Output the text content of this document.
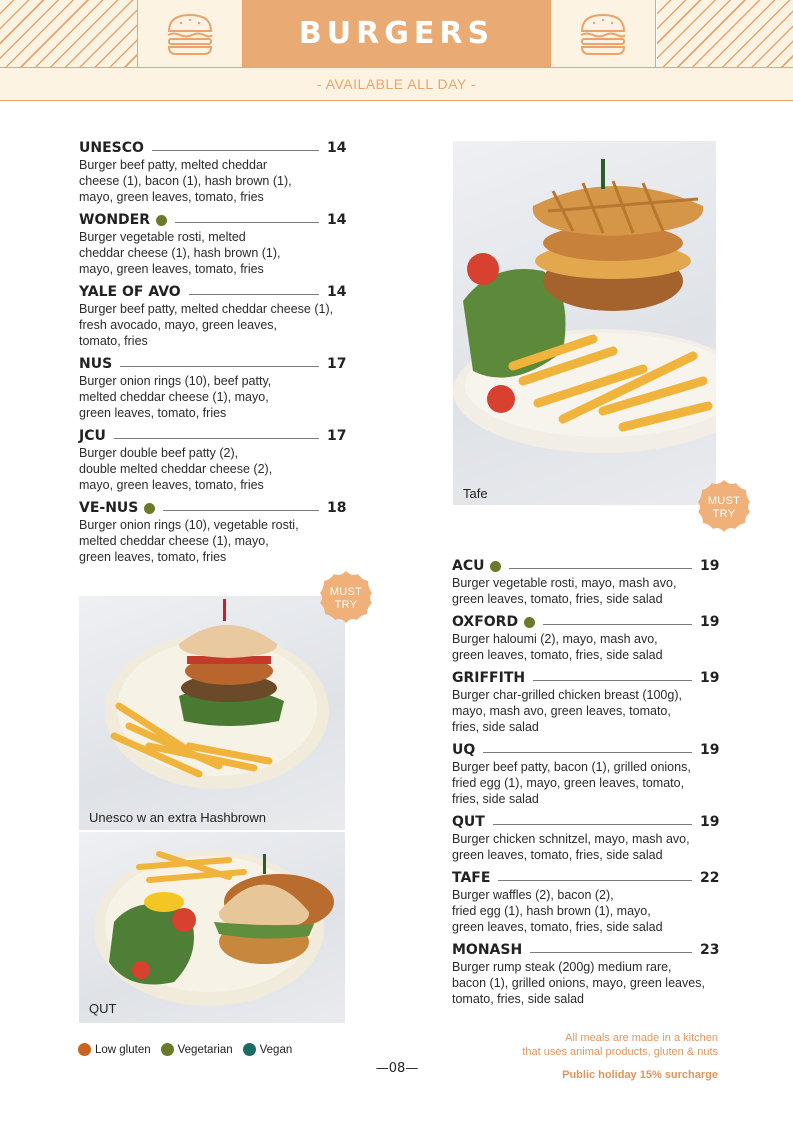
BURGERS
- AVAILABLE ALL DAY -
UNESCO	14
Burger beef patty, melted cheddar
cheese (1), bacon (1), hash brown (1),
mayo, green leaves, tomato, fries
WONDER	14
Burger vegetable rosti, melted
cheddar cheese (1), hash brown (1),
mayo, green leaves, tomato, fries
YALE OF AVO	14
Burger beef patty, melted cheddar cheese (1),
fresh avocado, mayo, green leaves,
tomato, fries
NUS	17
Burger onion rings (10), beef patty,
melted cheddar cheese (1), mayo,
green leaves, tomato, fries
JCU	17
Burger double beef patty (2),
double melted cheddar cheese (2),
mayo, green leaves, tomato, fries
VE-NUS	18
Burger onion rings (10), vegetable rosti,
melted cheddar cheese (1), mayo,
green leaves, tomato, fries
ACU	19
Burger vegetable rosti, mayo, mash avo,
green leaves, tomato, fries, side salad
OXFORD	19
Burger haloumi (2), mayo, mash avo,
green leaves, tomato, fries, side salad
GRIFFITH	19
Burger char-grilled chicken breast (100g),
mayo, mash avo, green leaves, tomato,
fries, side salad
UQ	19
Burger beef patty, bacon (1), grilled onions,
fried egg (1), mayo, green leaves, tomato,
fries, side salad
QUT	19
Burger chicken schnitzel, mayo, mash avo,
green leaves, tomato, fries, side salad
TAFE	22
Burger waffles (2), bacon (2),
fried egg (1), hash brown (1), mayo,
green leaves, tomato, fries, side salad
MONASH	23
Burger rump steak (200g) medium rare,
bacon (1), grilled onions, mayo, green leaves,
tomato, fries, side salad
Tafe
Unesco w an extra Hashbrown
QUT
MUST
TRY
MUST
TRY
Low gluten Vegetarian Vegan
—08—
All meals are made in a kitchen
that uses animal products, gluten & nuts
Public holiday 15% surcharge
